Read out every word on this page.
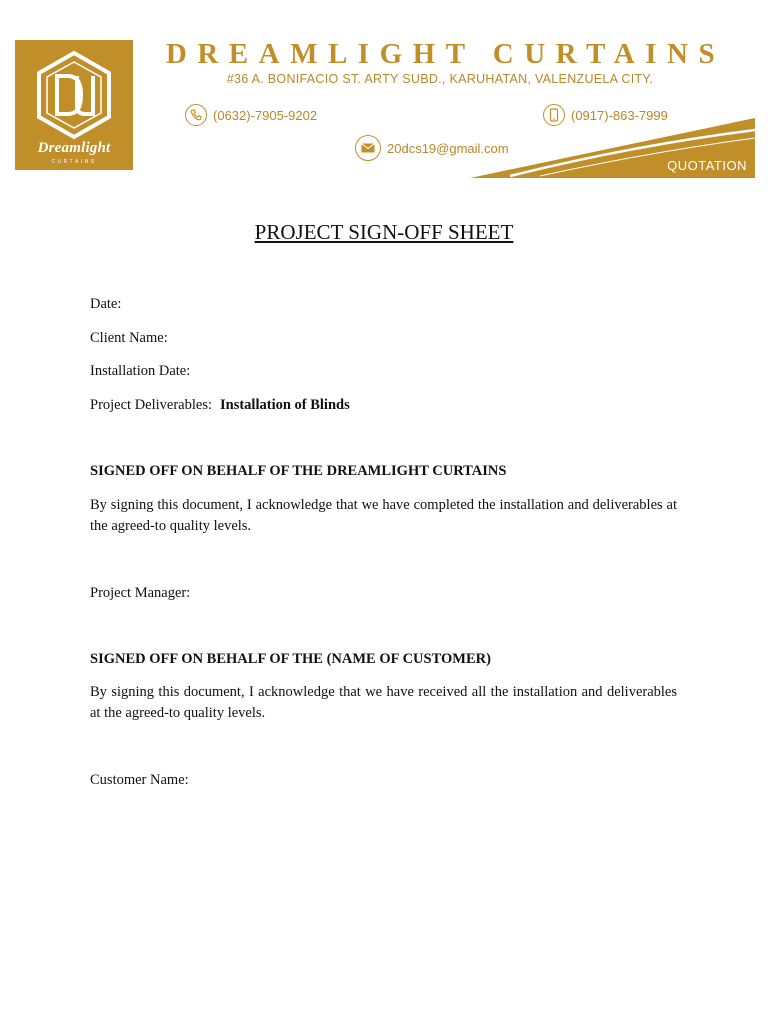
Dreamlight
CURTAINS
DREAMLIGHT CURTAINS
#36 A. BONIFACIO ST. ARTY SUBD., KARUHATAN, VALENZUELA CITY.
(0632)-7905-9202	(0917)-863-7999
20dcs19@gmail.com
QUOTATION
PROJECT SIGN-OFF SHEET
Date:
Client Name:
Installation Date:
Project Deliverables: Installation of Blinds
SIGNED OFF ON BEHALF OF THE DREAMLIGHT CURTAINS
By signing this document, I acknowledge that we have completed the installation and deliverables at the agreed-to quality levels.
Project Manager:
SIGNED OFF ON BEHALF OF THE (NAME OF CUSTOMER)
By signing this document, I acknowledge that we have received all the installation and deliverables at the agreed-to quality levels.
Customer Name:
